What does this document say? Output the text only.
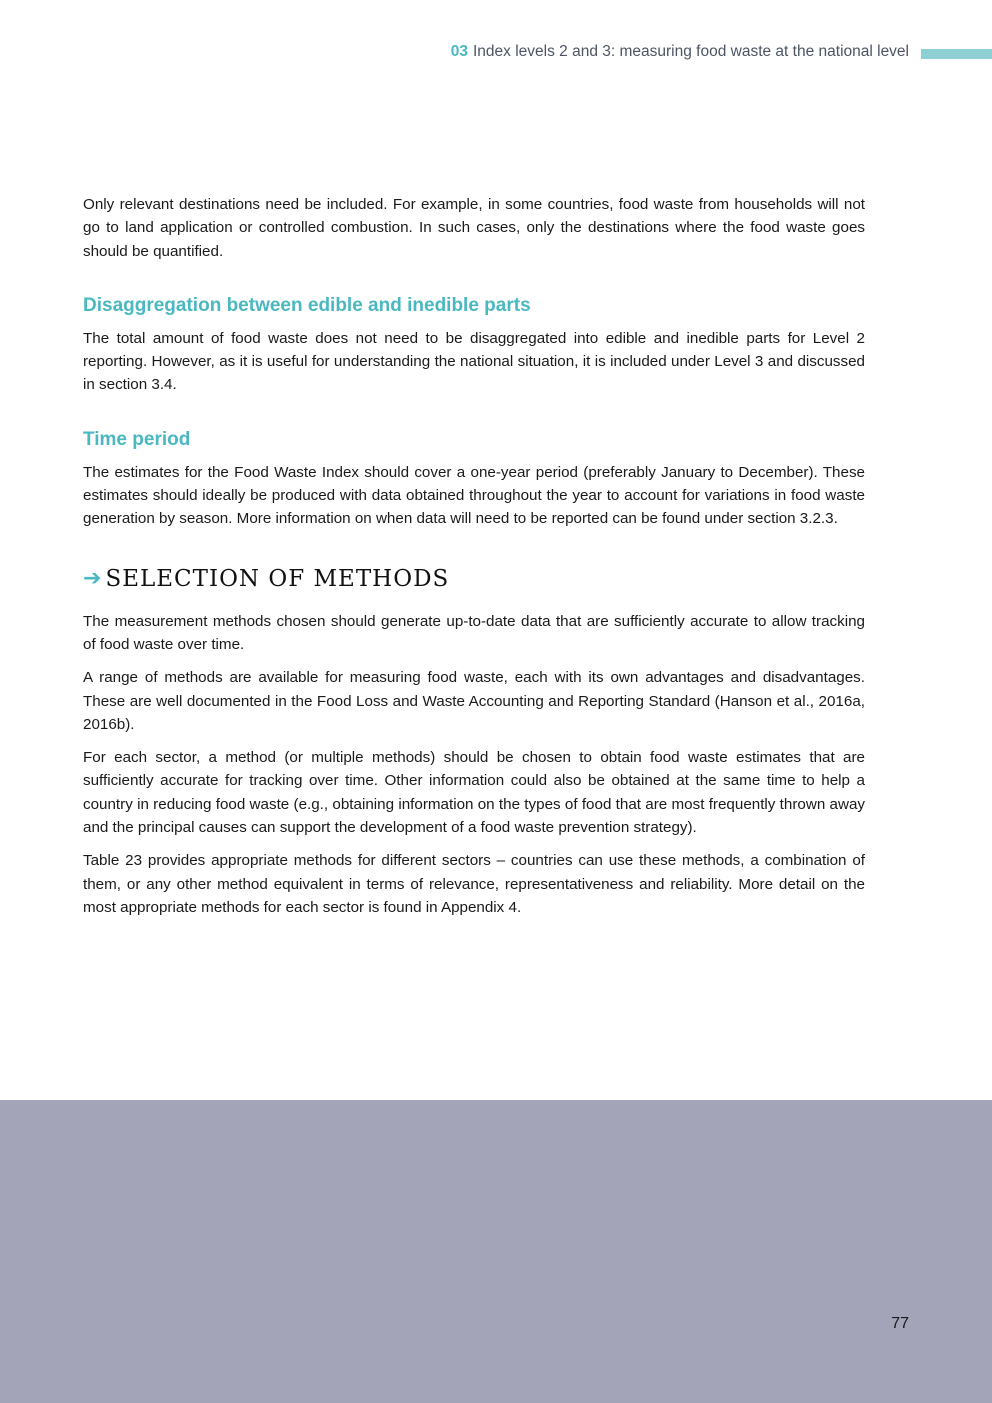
03 Index levels 2 and 3: measuring food waste at the national level

Only relevant destinations need be included. For example, in some countries, food waste from households will not go to land application or controlled combustion. In such cases, only the destinations where the food waste goes should be quantified.

Disaggregation between edible and inedible parts

The total amount of food waste does not need to be disaggregated into edible and inedible parts for Level 2 reporting. However, as it is useful for understanding the national situation, it is included under Level 3 and discussed in section 3.4.

Time period

The estimates for the Food Waste Index should cover a one-year period (preferably January to December). These estimates should ideally be produced with data obtained throughout the year to account for variations in food waste generation by season. More information on when data will need to be reported can be found under section 3.2.3.

➔ SELECTION OF METHODS

The measurement methods chosen should generate up-to-date data that are sufficiently accurate to allow tracking of food waste over time.

A range of methods are available for measuring food waste, each with its own advantages and disadvantages. These are well documented in the Food Loss and Waste Accounting and Reporting Standard (Hanson et al., 2016a, 2016b).

For each sector, a method (or multiple methods) should be chosen to obtain food waste estimates that are sufficiently accurate for tracking over time. Other information could also be obtained at the same time to help a country in reducing food waste (e.g., obtaining information on the types of food that are most frequently thrown away and the principal causes can support the development of a food waste prevention strategy).

Table 23 provides appropriate methods for different sectors – countries can use these methods, a combination of them, or any other method equivalent in terms of relevance, representativeness and reliability. More detail on the most appropriate methods for each sector is found in Appendix 4.

77
